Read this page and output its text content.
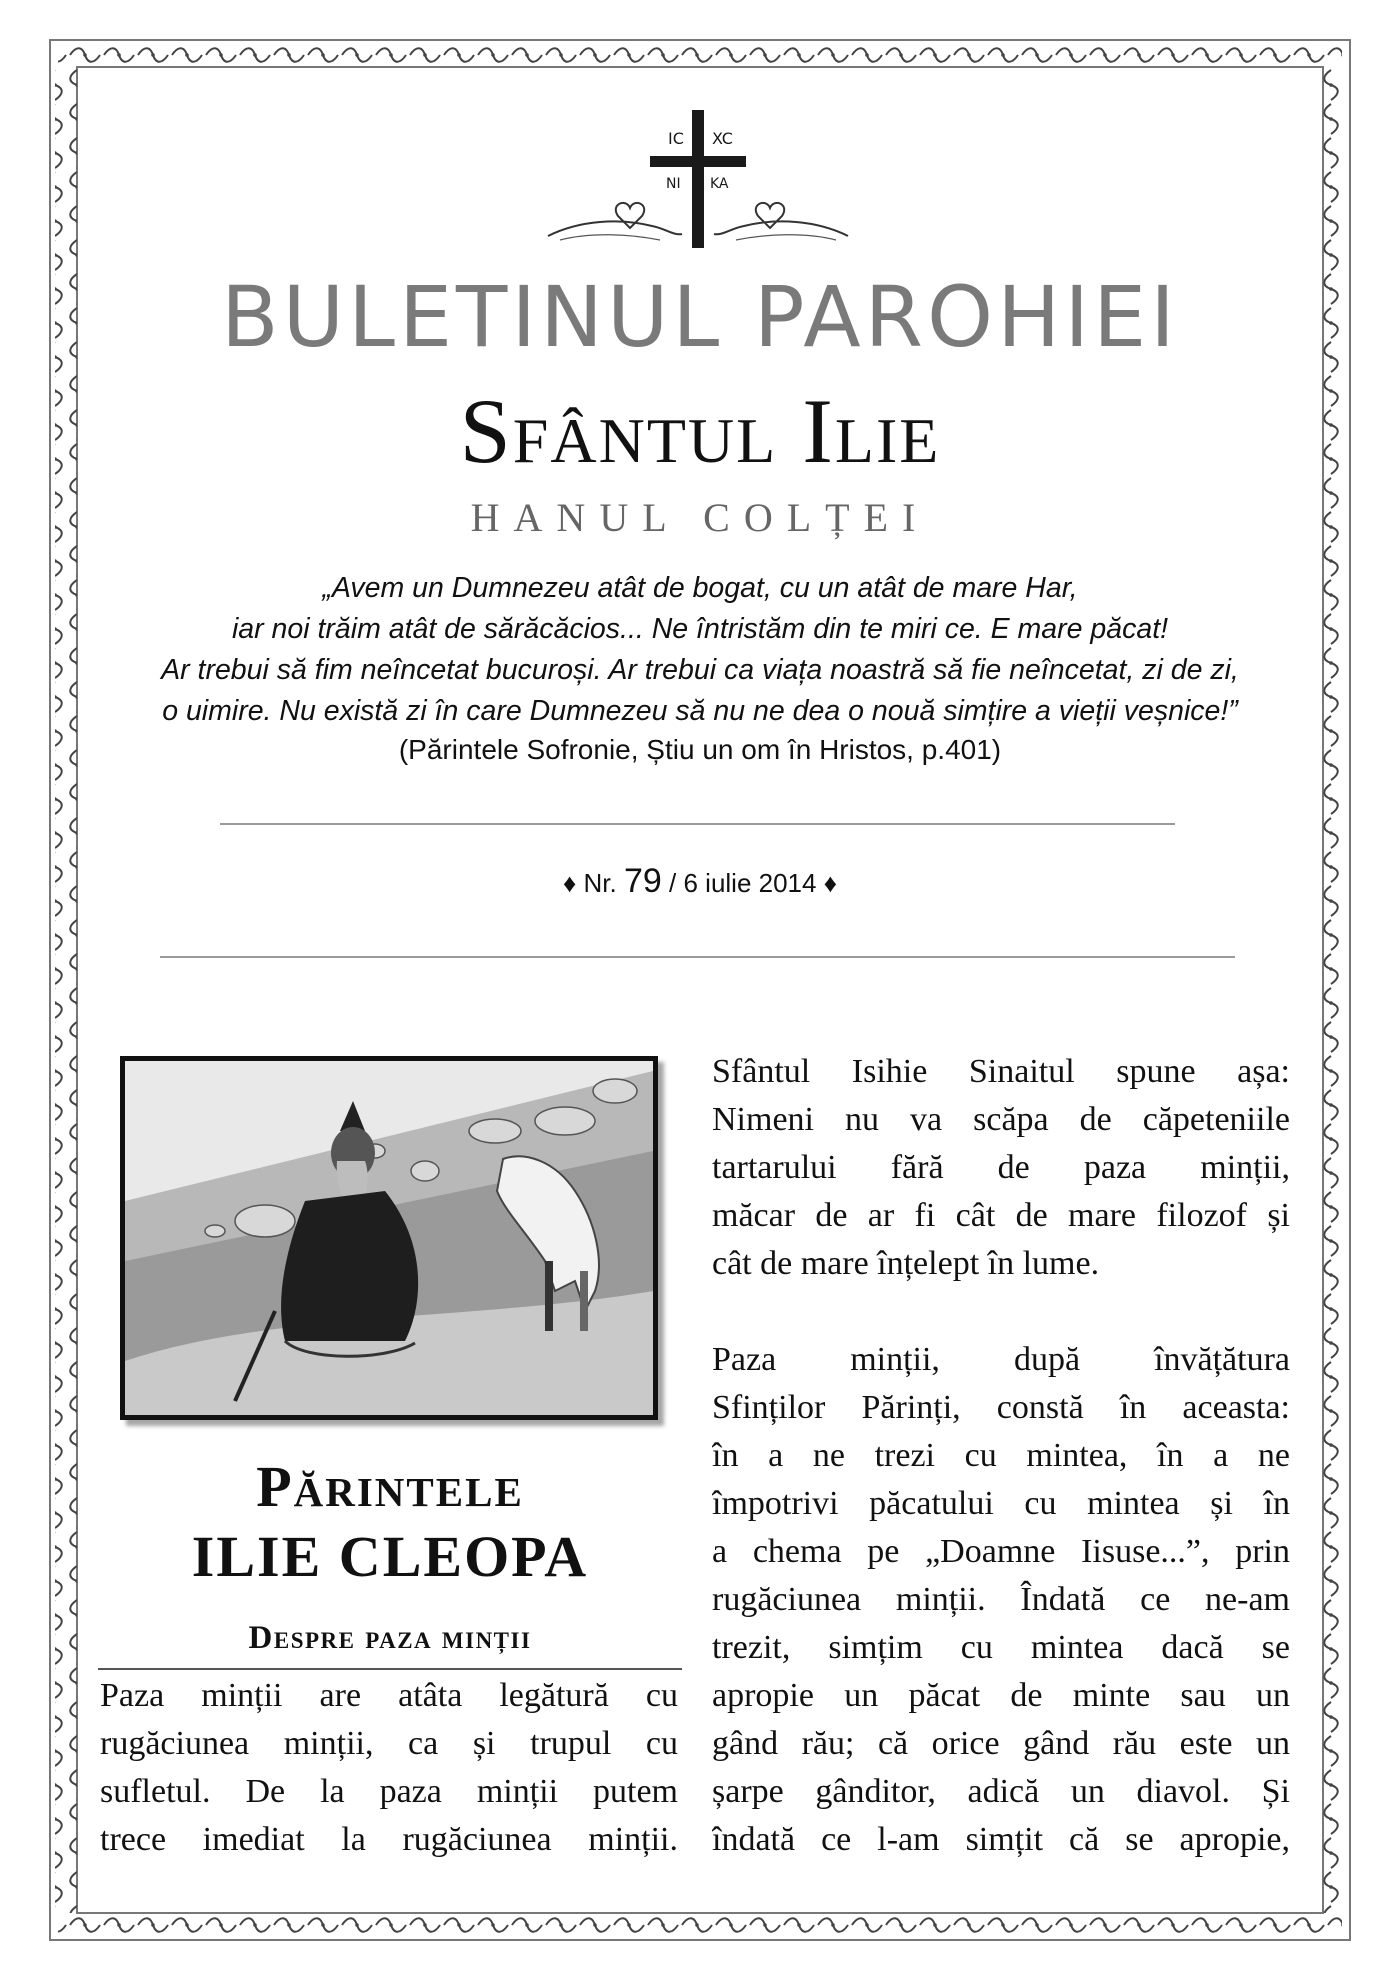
IC XC
NI KA
BULETINUL PAROHIEI
Sfântul Ilie
HANUL COLȚEI
„Avem un Dumnezeu atât de bogat, cu un atât de mare Har,
iar noi trăim atât de sărăcăcios... Ne întristăm din te miri ce. E mare păcat!
Ar trebui să fim neîncetat bucuroși. Ar trebui ca viața noastră să fie neîncetat, zi de zi,
o uimire. Nu există zi în care Dumnezeu să nu ne dea o nouă simțire a vieții veșnice!”
(Părintele Sofronie, Știu un om în Hristos, p.401)
♦ Nr. 79 / 6 iulie 2014 ♦
Părintele
ILIE CLEOPA
Despre paza minții
Paza minții are atâta legătură cu
rugăciunea minții, ca și trupul cu
sufletul. De la paza minții putem
trece imediat la rugăciunea minții.

Sfântul Isihie Sinaitul spune așa:
Nimeni nu va scăpa de căpeteniile
tartarului fără de paza minții,
măcar de ar fi cât de mare filozof și
cât de mare înțelept în lume.

Paza minții, după învățătura
Sfinților Părinți, constă în aceasta:
în a ne trezi cu mintea, în a ne
împotrivi păcatului cu mintea și în
a chema pe „Doamne Iisuse...”, prin
rugăciunea minții. Îndată ce ne-am
trezit, simțim cu mintea dacă se
apropie un păcat de minte sau un
gând rău; că orice gând rău este un
șarpe gânditor, adică un diavol. Și
îndată ce l-am simțit că se apropie,
